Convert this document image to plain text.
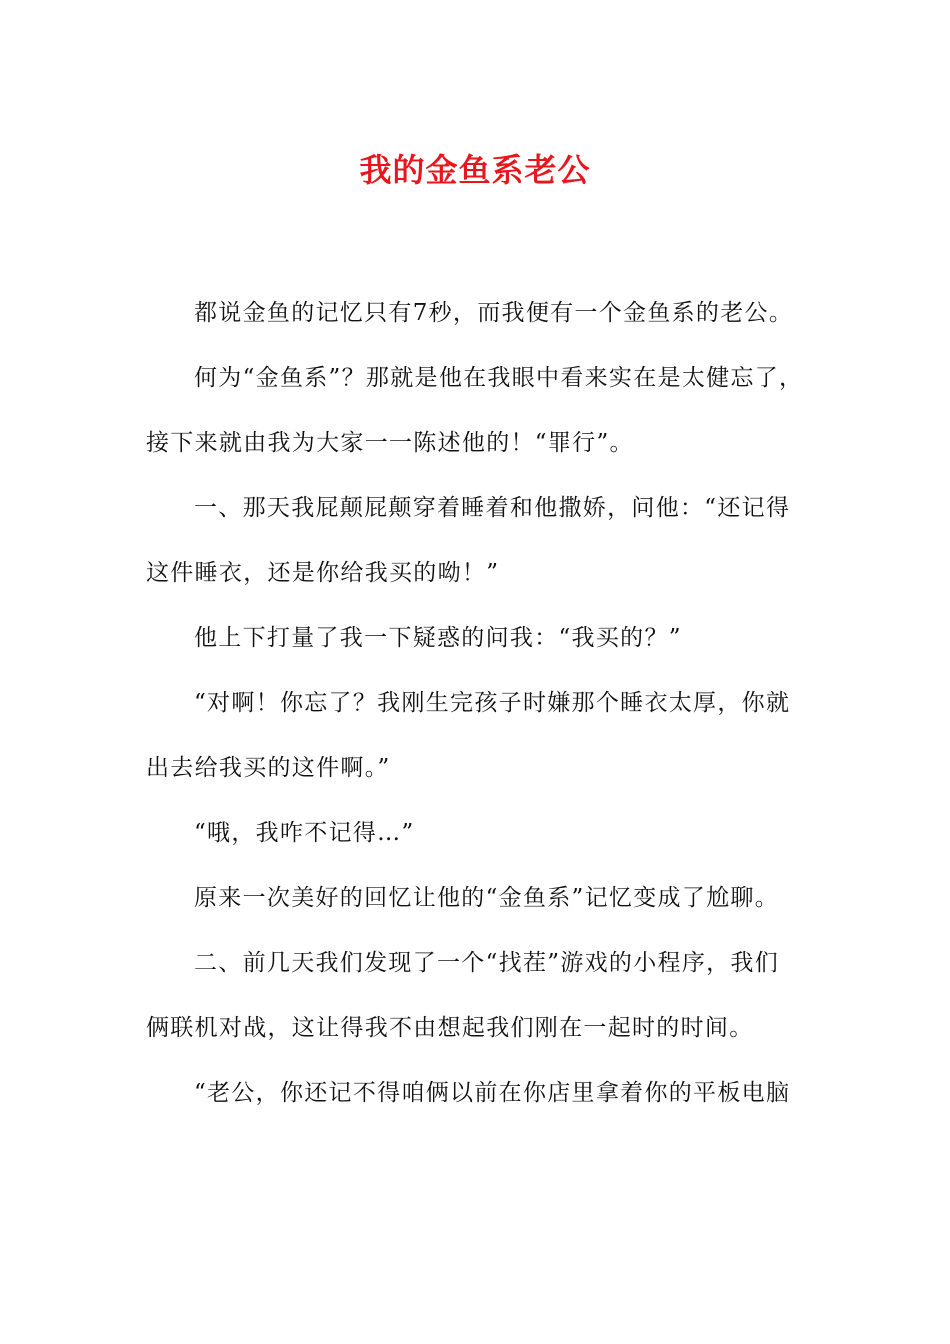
我的金鱼系老公

都说金鱼的记忆只有7秒，而我便有一个金鱼系的老公。

何为“金鱼系”？那就是他在我眼中看来实在是太健忘了，

接下来就由我为大家一一陈述他的！“罪行”。

一、那天我屁颠屁颠穿着睡着和他撒娇，问他：“还记得

这件睡衣，还是你给我买的呦！”

他上下打量了我一下疑惑的问我：“我买的？”

“对啊！你忘了？我刚生完孩子时嫌那个睡衣太厚，你就

出去给我买的这件啊。”

“哦，我咋不记得…”

原来一次美好的回忆让他的“金鱼系”记忆变成了尬聊。

二、前几天我们发现了一个“找茬”游戏的小程序，我们

俩联机对战，这让得我不由想起我们刚在一起时的时间。

“老公，你还记不得咱俩以前在你店里拿着你的平板电脑
